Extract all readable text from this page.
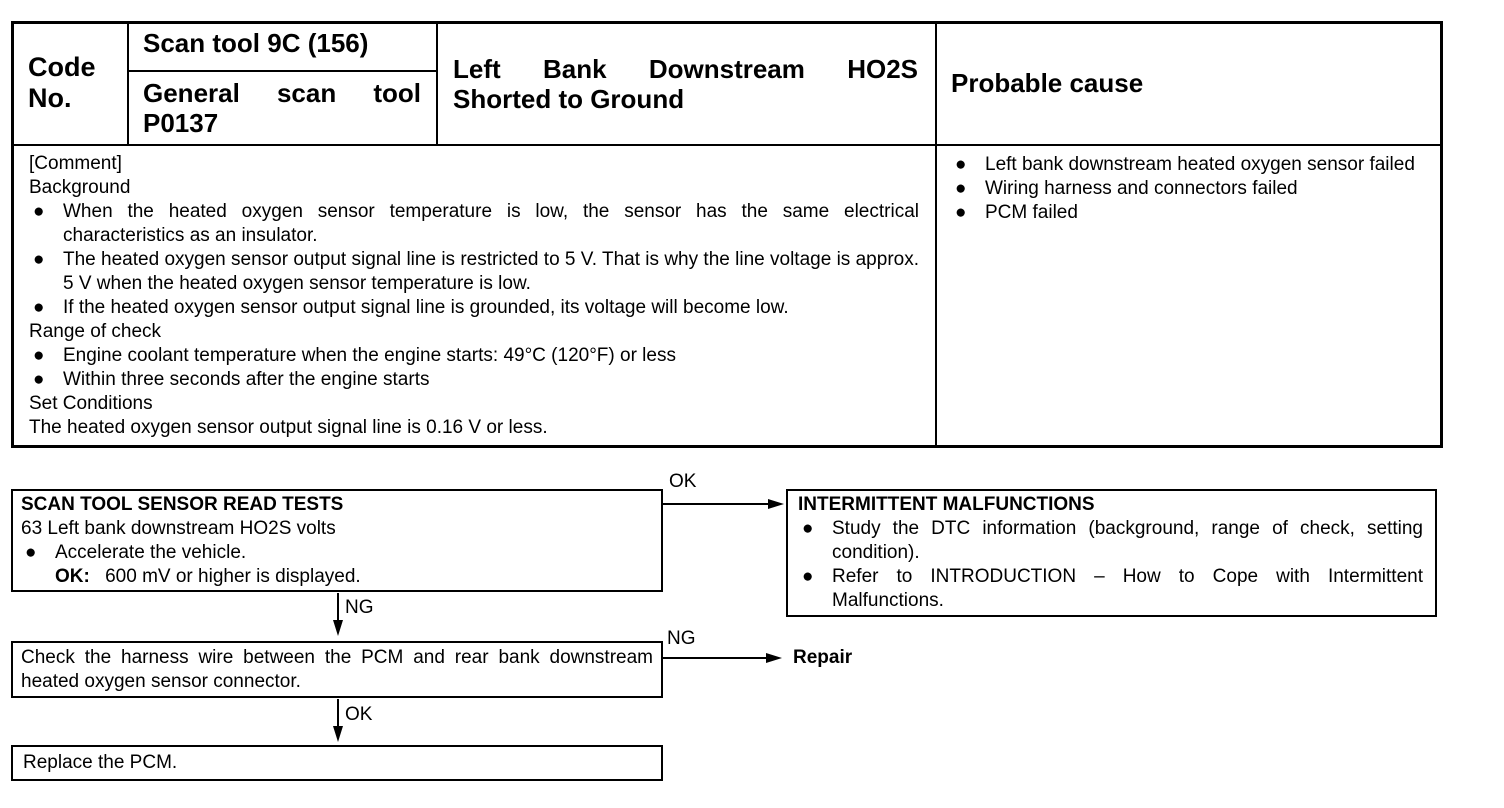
Code No.
Scan tool 9C (156)
General scan tool P0137
Left Bank Downstream HO2S Shorted to Ground
Probable cause
[Comment]
Background
● When the heated oxygen sensor temperature is low, the sensor has the same electrical characteristics as an insulator.
● The heated oxygen sensor output signal line is restricted to 5 V. That is why the line voltage is approx. 5 V when the heated oxygen sensor temperature is low.
● If the heated oxygen sensor output signal line is grounded, its voltage will become low.
Range of check
● Engine coolant temperature when the engine starts: 49°C (120°F) or less
● Within three seconds after the engine starts
Set Conditions
The heated oxygen sensor output signal line is 0.16 V or less.
● Left bank downstream heated oxygen sensor failed
● Wiring harness and connectors failed
● PCM failed
SCAN TOOL SENSOR READ TESTS
63 Left bank downstream HO2S volts
● Accelerate the vehicle.
OK: 600 mV or higher is displayed.
INTERMITTENT MALFUNCTIONS
● Study the DTC information (background, range of check, setting condition).
● Refer to INTRODUCTION – How to Cope with Intermittent Malfunctions.
Check the harness wire between the PCM and rear bank downstream heated oxygen sensor connector.
Replace the PCM.
Repair
OK
NG
NG
OK
